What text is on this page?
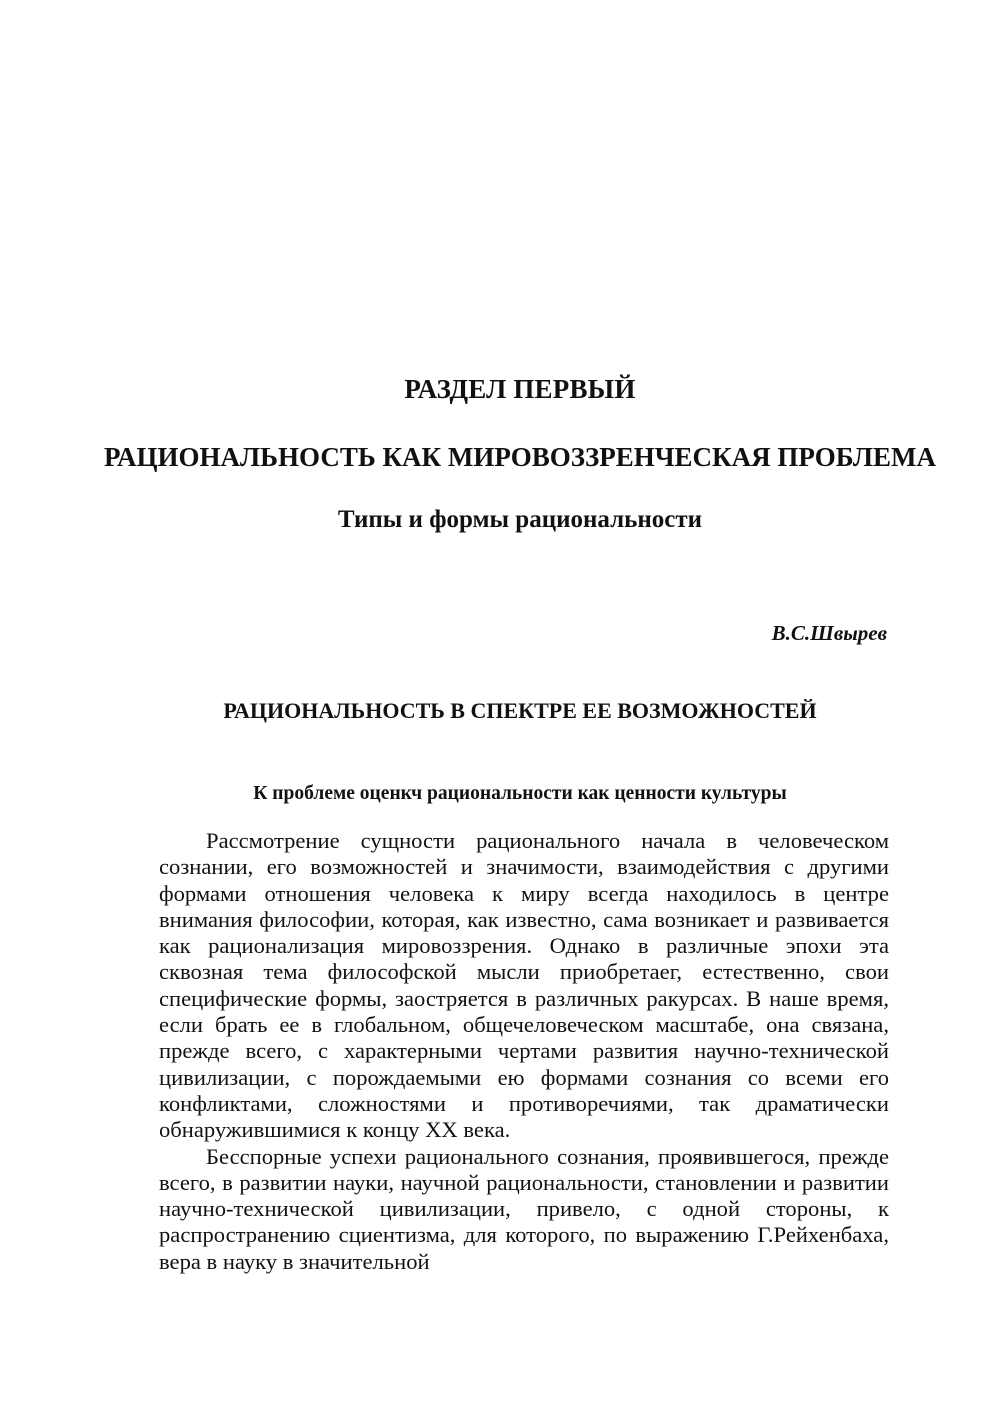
РАЗДЕЛ ПЕРВЫЙ
РАЦИОНАЛЬНОСТЬ КАК МИРОВОЗЗРЕНЧЕСКАЯ ПРОБЛЕМА
Типы и формы рациональности
В.С.Швырев
РАЦИОНАЛЬНОСТЬ В СПЕКТРЕ ЕЕ ВОЗМОЖНОСТЕЙ
К проблеме оценкч рациональности как ценности культуры

Рассмотрение сущности рационального начала в человеческом сознании, его возможностей и значимости, взаимодействия с другими формами отношения человека к миру всегда находилось в центре внимания философии, которая, как известно, сама возникает и развивается как рационализация мировоззрения. Однако в различные эпохи эта сквозная тема философской мысли приобретаег, естественно, свои специфические формы, заостряется в различных ракурсах. В наше время, если брать ее в глобальном, общечеловеческом масштабе, она связана, прежде всего, с характерными чертами развития научно-технической цивилизации, с порождаемыми ею формами сознания со всеми его конфликтами, сложностями и противоречиями, так драматически обнаружившимися к концу XX века.

Бесспорные успехи рационального сознания, проявившегося, прежде всего, в развитии науки, научной рациональности, становлении и развитии научно-технической цивилизации, привело, с одной стороны, к распространению сциентизма, для которого, по выражению Г.Рейхенбаха, вера в науку в значительной
